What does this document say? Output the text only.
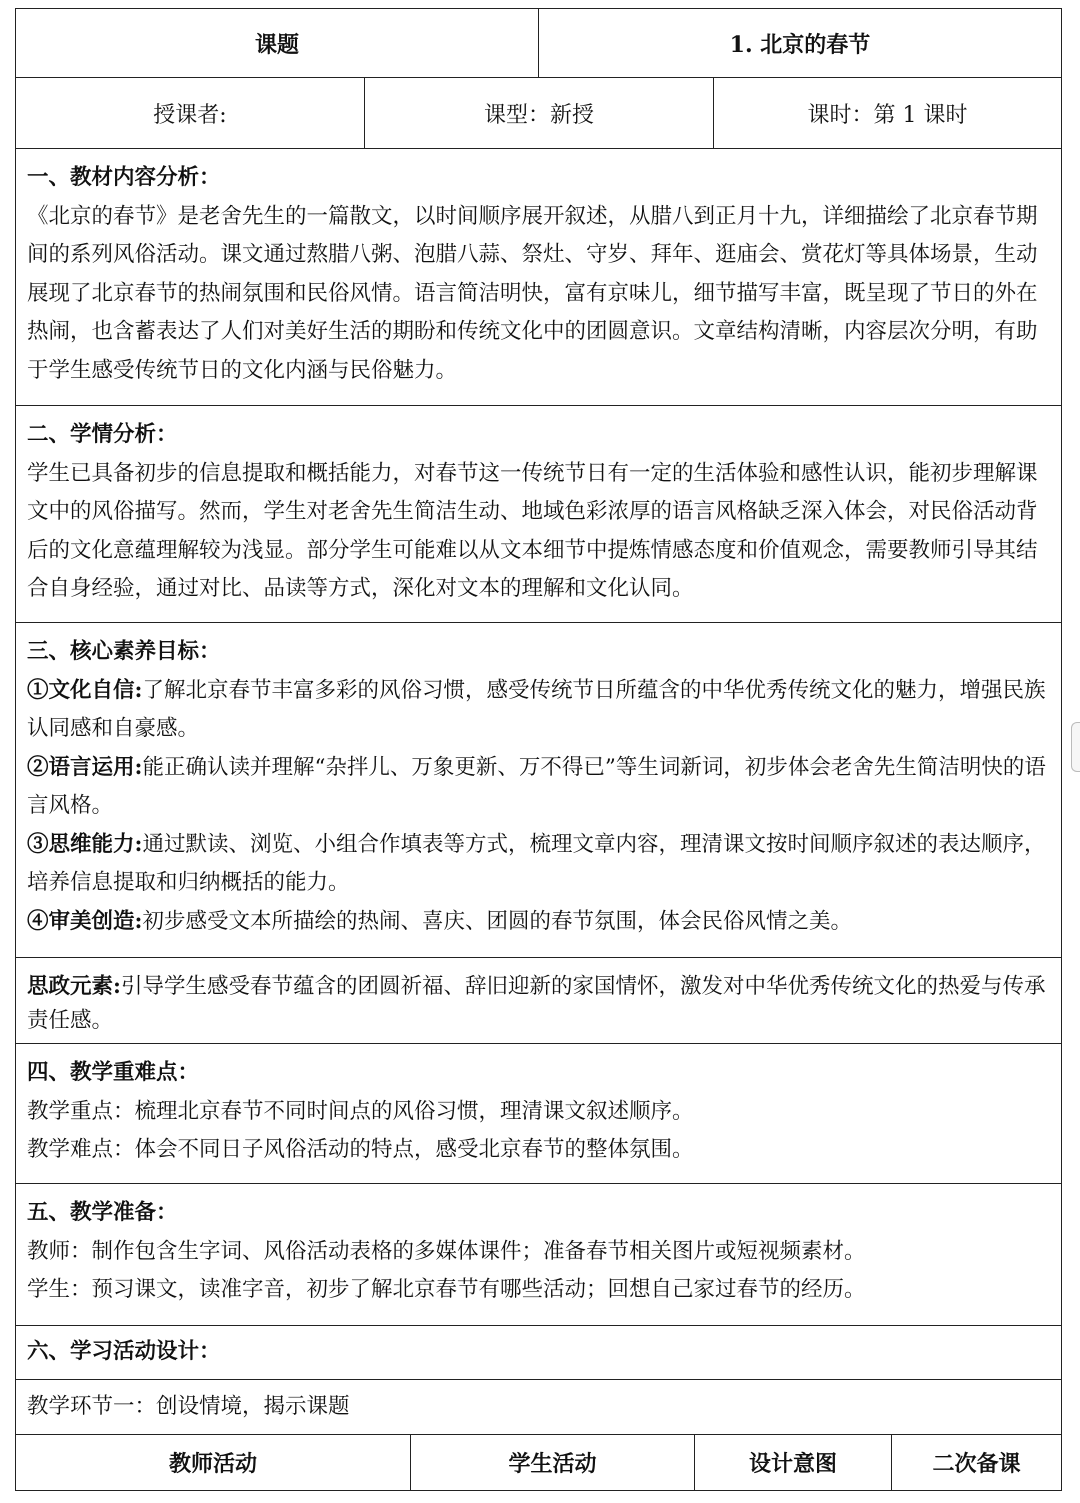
课题	1. 北京的春节
授课者:	课型：新授	课时：第 1 课时

一、教材内容分析：

《北京的春节》是老舍先生的一篇散文，以时间顺序展开叙述，从腊八到正月十九，详细描绘了北京春节期间的系列风俗活动。课文通过熬腊八粥、泡腊八蒜、祭灶、守岁、拜年、逛庙会、赏花灯等具体场景，生动展现了北京春节的热闹氛围和民俗风情。语言简洁明快，富有京味儿，细节描写丰富，既呈现了节日的外在热闹，也含蓄表达了人们对美好生活的期盼和传统文化中的团圆意识。文章结构清晰，内容层次分明，有助于学生感受传统节日的文化内涵与民俗魅力。

二、学情分析：

学生已具备初步的信息提取和概括能力，对春节这一传统节日有一定的生活体验和感性认识，能初步理解课文中的风俗描写。然而，学生对老舍先生简洁生动、地域色彩浓厚的语言风格缺乏深入体会，对民俗活动背后的文化意蕴理解较为浅显。部分学生可能难以从文本细节中提炼情感态度和价值观念，需要教师引导其结合自身经验，通过对比、品读等方式，深化对文本的理解和文化认同。

三、核心素养目标：

①文化自信:了解北京春节丰富多彩的风俗习惯，感受传统节日所蕴含的中华优秀传统文化的魅力，增强民族认同感和自豪感。

②语言运用:能正确认读并理解“杂拌儿、万象更新、万不得已”等生词新词，初步体会老舍先生简洁明快的语言风格。

③思维能力:通过默读、浏览、小组合作填表等方式，梳理文章内容，理清课文按时间顺序叙述的表达顺序，培养信息提取和归纳概括的能力。

④审美创造:初步感受文本所描绘的热闹、喜庆、团圆的春节氛围，体会民俗风情之美。

思政元素:引导学生感受春节蕴含的团圆祈福、辞旧迎新的家国情怀，激发对中华优秀传统文化的热爱与传承责任感。

四、教学重难点：

教学重点：梳理北京春节不同时间点的风俗习惯，理清课文叙述顺序。

教学难点：体会不同日子风俗活动的特点，感受北京春节的整体氛围。

五、教学准备：

教师：制作包含生字词、风俗活动表格的多媒体课件；准备春节相关图片或短视频素材。

学生：预习课文，读准字音，初步了解北京春节有哪些活动；回想自己家过春节的经历。

六、学习活动设计：

教学环节一：创设情境，揭示课题

教师活动	学生活动	设计意图	二次备课
